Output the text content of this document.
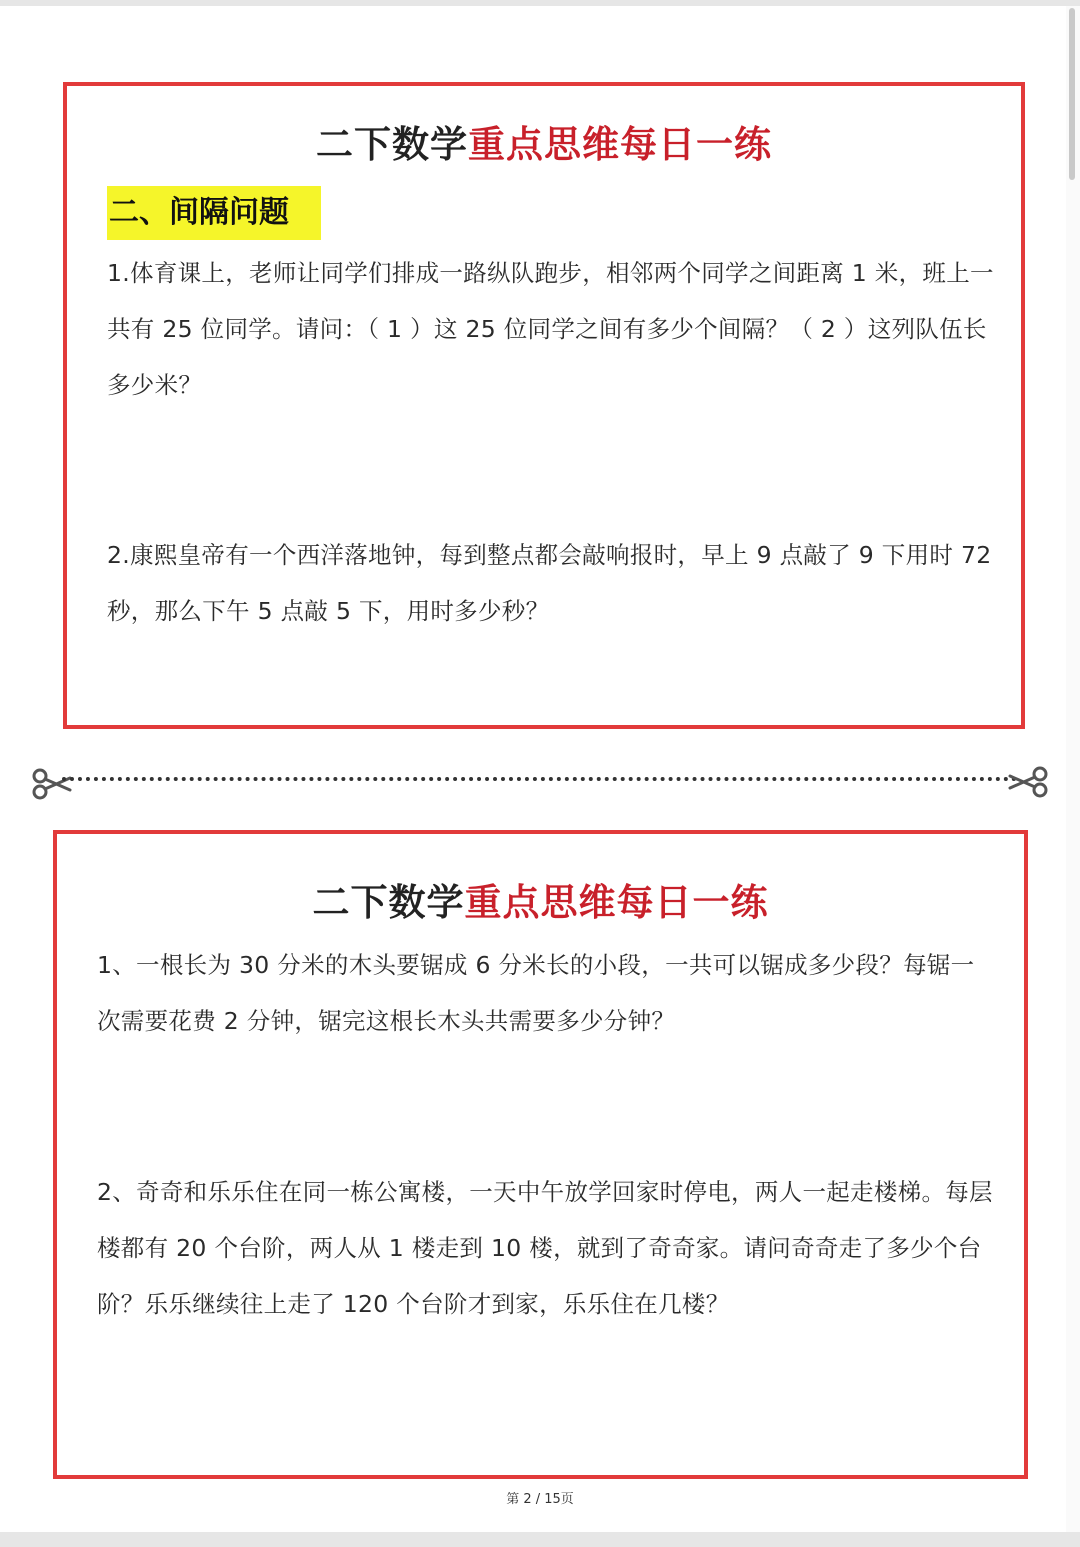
二下数学重点思维每日一练
二、间隔问题

1.体育课上，老师让同学们排成一路纵队跑步，相邻两个同学之间距离 1 米，班上一共有 25 位同学。请问：（ 1 ）这 25 位同学之间有多少个间隔？（ 2 ）这列队伍长多少米？

2.康熙皇帝有一个西洋落地钟，每到整点都会敲响报时，早上 9 点敲了 9 下用时 72 秒，那么下午 5 点敲 5 下，用时多少秒？

二下数学重点思维每日一练

1、一根长为 30 分米的木头要锯成 6 分米长的小段，一共可以锯成多少段？每锯一次需要花费 2 分钟，锯完这根长木头共需要多少分钟？

2、奇奇和乐乐住在同一栋公寓楼，一天中午放学回家时停电，两人一起走楼梯。每层楼都有 20 个台阶，两人从 1 楼走到 10 楼，就到了奇奇家。请问奇奇走了多少个台阶？乐乐继续往上走了 120 个台阶才到家，乐乐住在几楼？

第 2 / 15页
